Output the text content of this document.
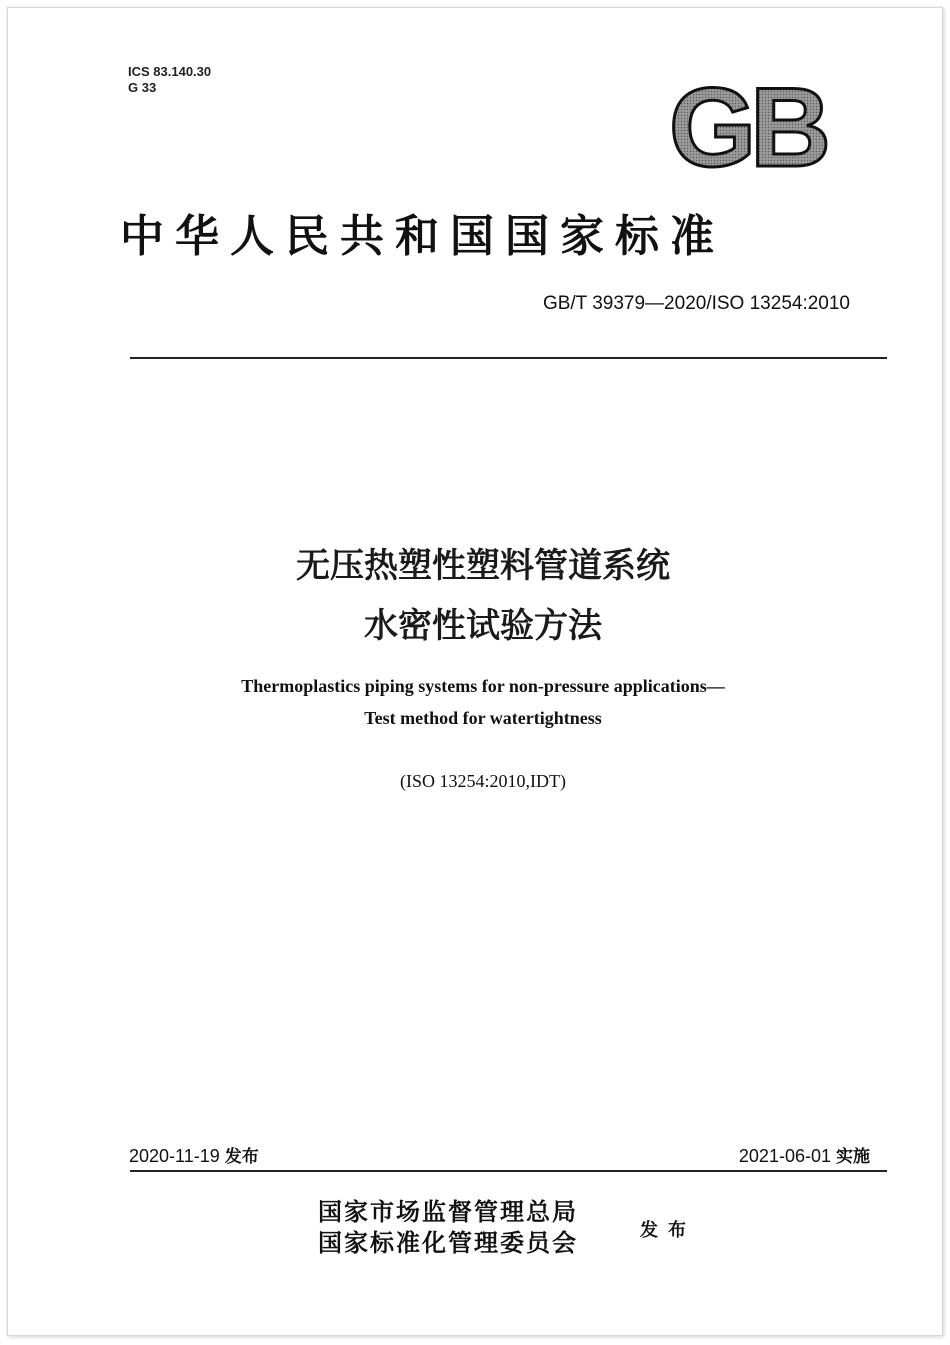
ICS 83.140.30
G 33	GB
中华人民共和国国家标准
GB/T 39379—2020/ISO 13254:2010
无压热塑性塑料管道系统
水密性试验方法
Thermoplastics piping systems for non-pressure applications—
Test method for watertightness
(ISO 13254:2010,IDT)
2020-11-19 发布	2021-06-01 实施
国家市场监督管理总局
国家标准化管理委员会	发布
